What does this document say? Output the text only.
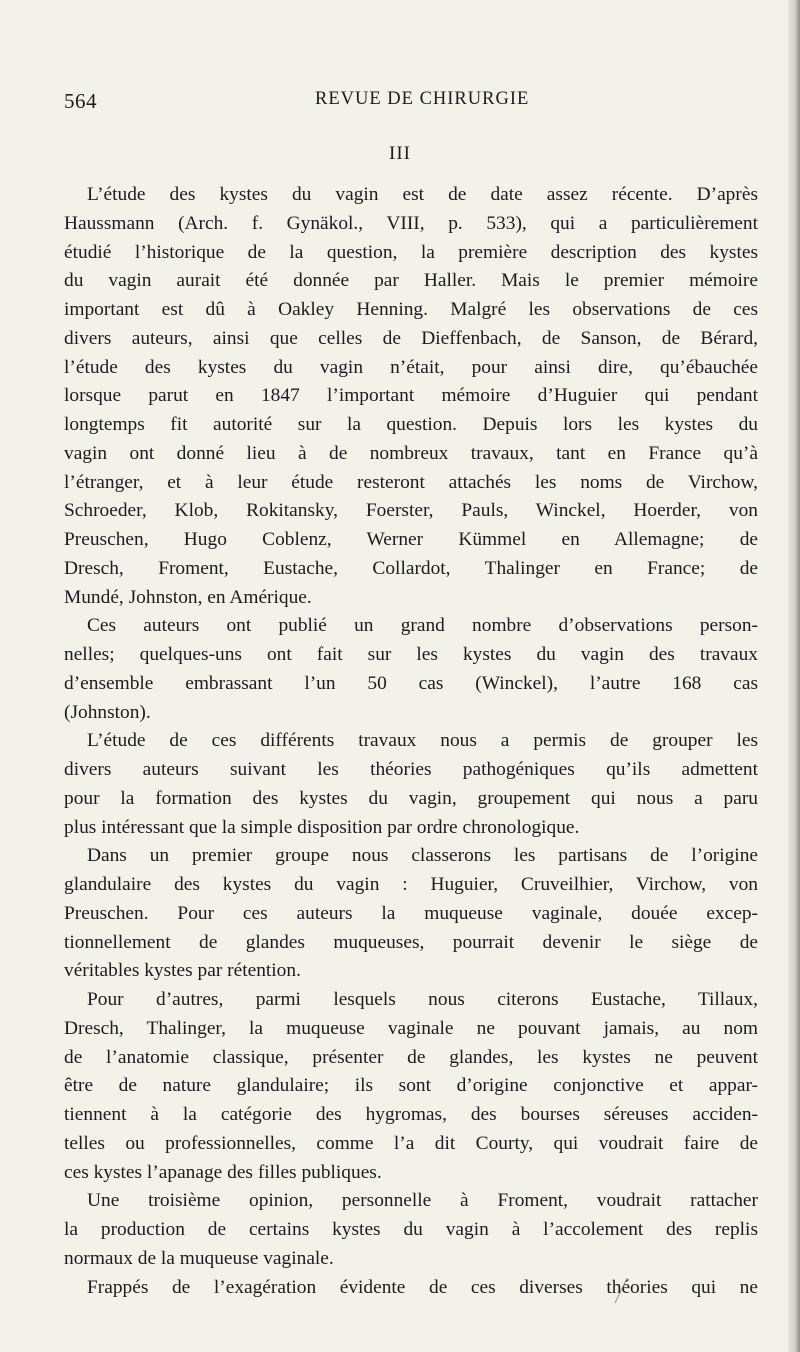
564	REVUE DE CHIRURGIE
III

L’étude des kystes du vagin est de date assez récente. D’après

Haussmann (Arch. f. Gynäkol., VIII, p. 533), qui a particulièrement

étudié l’historique de la question, la première description des kystes

du vagin aurait été donnée par Haller. Mais le premier mémoire

important est dû à Oakley Henning. Malgré les observations de ces

divers auteurs, ainsi que celles de Dieffenbach, de Sanson, de Bérard,

l’étude des kystes du vagin n’était, pour ainsi dire, qu’ébauchée

lorsque parut en 1847 l’important mémoire d’Huguier qui pendant

longtemps fit autorité sur la question. Depuis lors les kystes du

vagin ont donné lieu à de nombreux travaux, tant en France qu’à

l’étranger, et à leur étude resteront attachés les noms de Virchow,

Schroeder, Klob, Rokitansky, Foerster, Pauls, Winckel, Hoerder, von

Preuschen, Hugo Coblenz, Werner Kümmel en Allemagne; de

Dresch, Froment, Eustache, Collardot, Thalinger en France; de

Mundé, Johnston, en Amérique.

Ces auteurs ont publié un grand nombre d’observations person-

nelles; quelques-uns ont fait sur les kystes du vagin des travaux

d’ensemble embrassant l’un 50 cas (Winckel), l’autre 168 cas

(Johnston).

L’étude de ces différents travaux nous a permis de grouper les

divers auteurs suivant les théories pathogéniques qu’ils admettent

pour la formation des kystes du vagin, groupement qui nous a paru

plus intéressant que la simple disposition par ordre chronologique.

Dans un premier groupe nous classerons les partisans de l’origine

glandulaire des kystes du vagin : Huguier, Cruveilhier, Virchow, von

Preuschen. Pour ces auteurs la muqueuse vaginale, douée excep-

tionnellement de glandes muqueuses, pourrait devenir le siège de

véritables kystes par rétention.

Pour d’autres, parmi lesquels nous citerons Eustache, Tillaux,

Dresch, Thalinger, la muqueuse vaginale ne pouvant jamais, au nom

de l’anatomie classique, présenter de glandes, les kystes ne peuvent

être de nature glandulaire; ils sont d’origine conjonctive et appar-

tiennent à la catégorie des hygromas, des bourses séreuses acciden-

telles ou professionnelles, comme l’a dit Courty, qui voudrait faire de

ces kystes l’apanage des filles publiques.

Une troisième opinion, personnelle à Froment, voudrait rattacher

la production de certains kystes du vagin à l’accolement des replis

normaux de la muqueuse vaginale.

Frappés de l’exagération évidente de ces diverses théories qui ne
